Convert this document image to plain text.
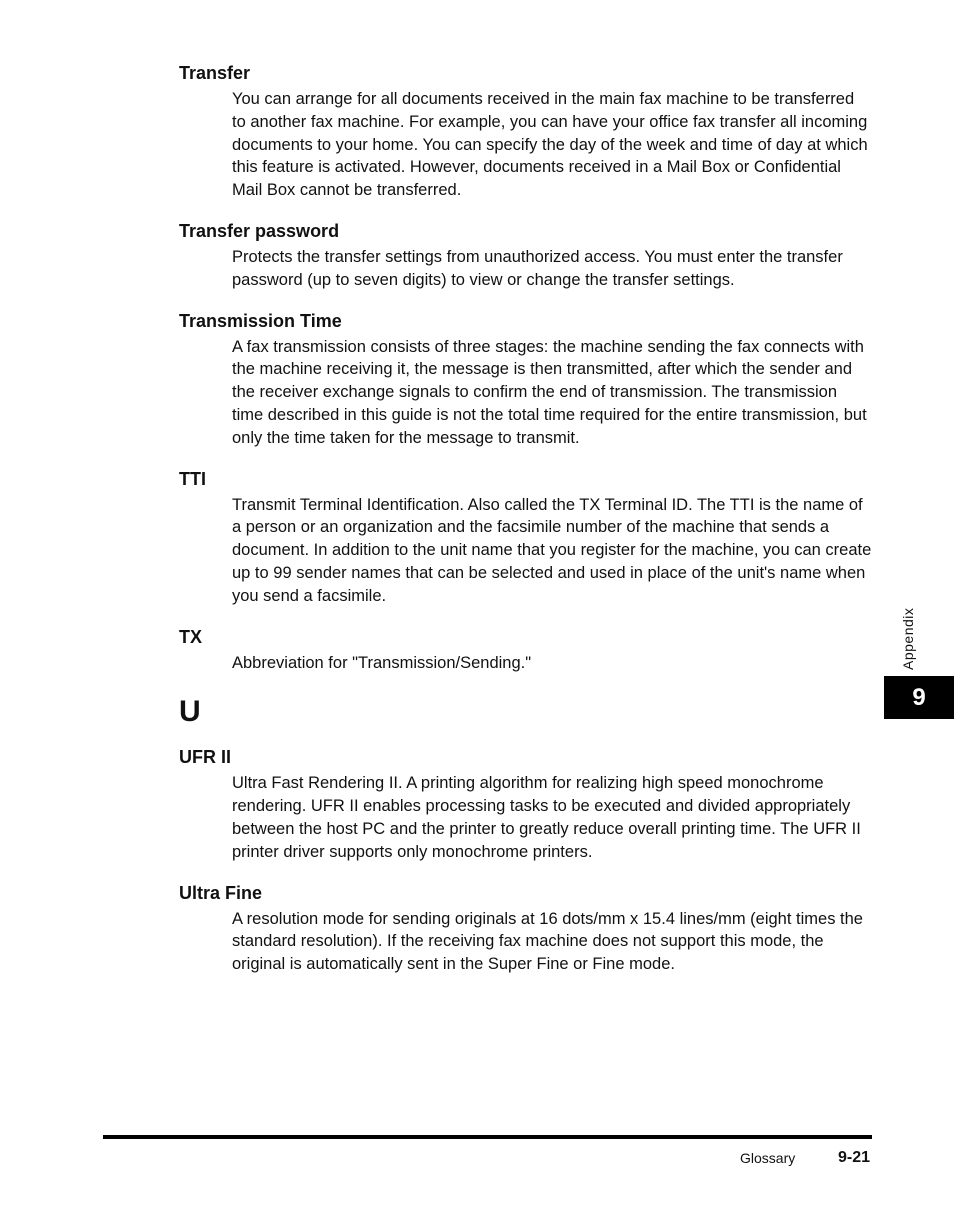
Transfer
You can arrange for all documents received in the main fax machine to be transferred to another fax machine. For example, you can have your office fax transfer all incoming documents to your home. You can specify the day of the week and time of day at which this feature is activated. However, documents received in a Mail Box or Confidential Mail Box cannot be transferred.
Transfer password
Protects the transfer settings from unauthorized access. You must enter the transfer password (up to seven digits) to view or change the transfer settings.
Transmission Time
A fax transmission consists of three stages: the machine sending the fax connects with the machine receiving it, the message is then transmitted, after which the sender and the receiver exchange signals to confirm the end of transmission. The transmission time described in this guide is not the total time required for the entire transmission, but only the time taken for the message to transmit.
TTI
Transmit Terminal Identification. Also called the TX Terminal ID. The TTI is the name of a person or an organization and the facsimile number of the machine that sends a document. In addition to the unit name that you register for the machine, you can create up to 99 sender names that can be selected and used in place of the unit's name when you send a facsimile.
TX
Abbreviation for "Transmission/Sending."
U
UFR II
Ultra Fast Rendering II. A printing algorithm for realizing high speed monochrome rendering. UFR II enables processing tasks to be executed and divided appropriately between the host PC and the printer to greatly reduce overall printing time. The UFR II printer driver supports only monochrome printers.
Ultra Fine
A resolution mode for sending originals at 16 dots/mm x 15.4 lines/mm (eight times the standard resolution). If the receiving fax machine does not support this mode, the original is automatically sent in the Super Fine or Fine mode.
Appendix
9
Glossary	9-21
